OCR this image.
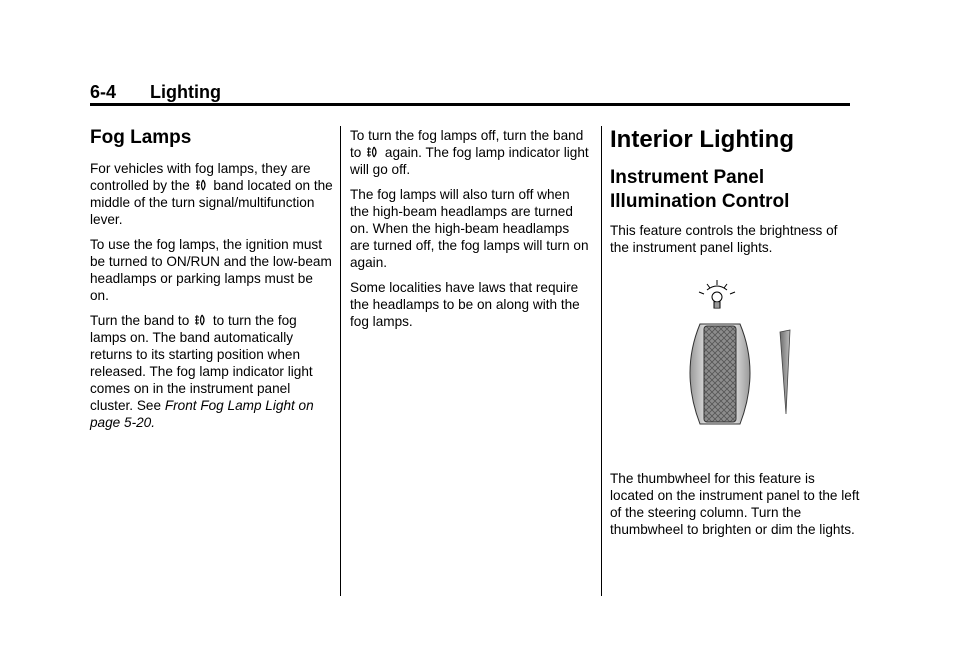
6-4 Lighting
Fog Lamps

For vehicles with fog lamps, they are controlled by the band located on the middle of the turn signal/multifunction lever.

To use the fog lamps, the ignition must be turned to ON/RUN and the low-beam headlamps or parking lamps must be on.

Turn the band to to turn the fog lamps on. The band automatically returns to its starting position when released. The fog lamp indicator light comes on in the instrument panel cluster. See Front Fog Lamp Light on page 5-20.

To turn the fog lamps off, turn the band to again. The fog lamp indicator light will go off.

The fog lamps will also turn off when the high-beam headlamps are turned on. When the high-beam headlamps are turned off, the fog lamps will turn on again.

Some localities have laws that require the headlamps to be on along with the fog lamps.

Interior Lighting
Instrument Panel Illumination Control

This feature controls the brightness of the instrument panel lights.

The thumbwheel for this feature is located on the instrument panel to the left of the steering column. Turn the thumbwheel to brighten or dim the lights.
